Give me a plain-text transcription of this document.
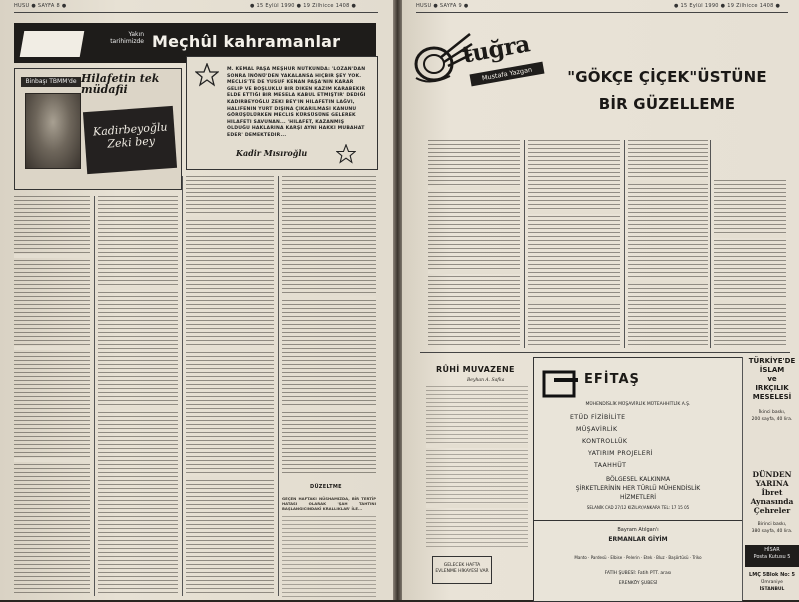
HUSU ● SAYFA 8 ●	● 15 Eylül 1990 ● 19 Zilhicce 1408 ●
Yakın
tarihimizde Meçhûl kahramanlar
Binbaşı TBMM'de Hilafetin tek müdafii
Kadirbeyoğlu Zeki bey
M. KEMAL PAŞA MEŞHUR NUTKUNDA: 'LOZAN'DAN SONRA İNÖNÜ'DEN YAKALANSA HIÇBIR ŞEY YOK. MECLIS'TE DE YUSUF KENAN PAŞA'NIN KARAR GELIP VE BOŞLUKLU BIR DIKEN KAZIM KARABEKIR ELDE ETTIĞI BIR MESELA KABUL ETMIŞTIR' DEDIĞI KADIRBEYOĞLU ZEKI BEY'IN HILAFETIN LAĞVI, HALIFENIN YURT DIŞINA ÇIKARILMASI KANUNU GÖRÜŞÜLÜRKEN MECLIS KÜRSÜSÜNE GELEREK HILAFETI SAVUNAN... 'HILAFET, KAZANMIŞ OLDUĞU HAKLARINA KARŞI AYNI HAKKI MUBAHAT EDER' DEMEKTEDIR...
Kadir Mısıroğlu
DÜZELTME
GEÇEN HAFTAKI NÜSHAMIZDA, BİR TERTİP HATASI OLARAK 'ŞAH TAHTINI BAŞLANGICINDAKİ KRALLIKLAR' İLE...
HUSU ● SAYFA 9 ●	● 15 Eylül 1990 ● 19 Zilhicce 1408 ●
tuğra
Mustafa Yazgan	"GÖKÇE ÇİÇEK"ÜSTÜNE
BİR GÜZELLEME
RÛHİ MUVAZENE
Beyhan A. Safka
GELECEK HAFTA EVLENME HİKAYESİ VAR
EFİTAŞ
MÜHENDİSLİK MÜŞAVİRLİK MÜTEAHHİTLİK A.Ş.
ETÜD FİZİBİLİTE
MÜŞAVİRLİK
KONTROLLÜK
YATIRIM PROJELERİ
TAAHHÜT
BÖLGESEL KALKINMA
ŞİRKETLERİNİN HER TÜRLÜ MÜHENDİSLİK
HİZMETLERİ
SELANİK CAD 27/12 KIZILAY/ANKARA TEL: 17 15 05
Bayram Atılgan'ı
ERMANLAR GİYİM
Manto · Pardesü · Elbise · Pelerin · Etek · Bluz · Başörtüsü · Triko
FATİH ŞUBESİ: Fatih PTT. arası
ERENKÖY ŞUBESİ
TÜRKİYE'DE
İSLAM
ve
IRKÇILIK
MESELESİ
İkinci baskı,
200 sayfa, 40 lira.
DÜNDEN
YARINA
İbret
Aynasında
Çehreler
Birinci baskı,
380 sayfa, 40 lira.
HİSAR
Posta Kutusu 5
LMÇ 5Blok No: 5
Ümraniye
İSTANBUL
